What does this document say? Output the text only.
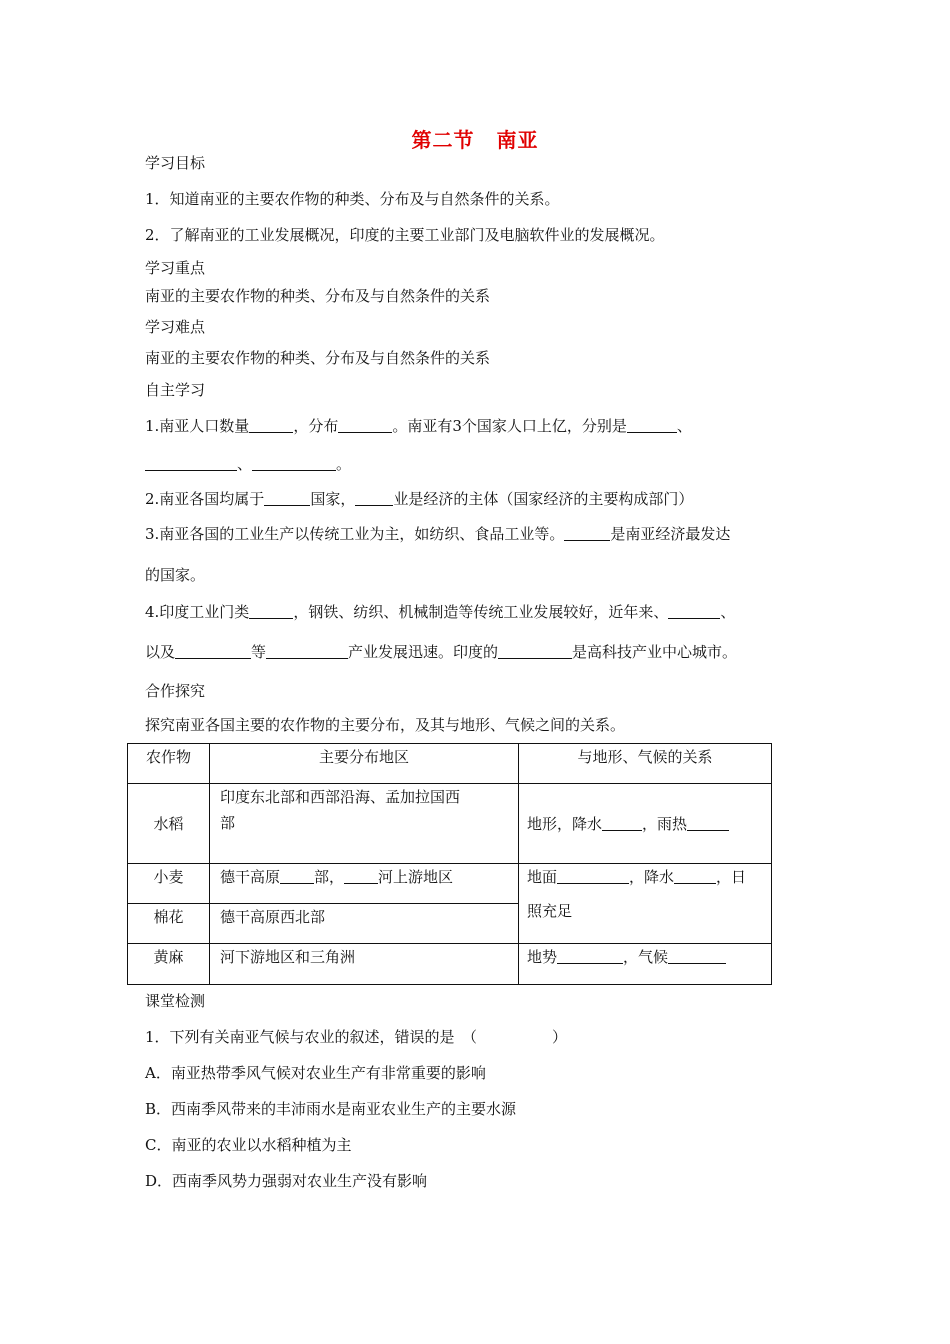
第二节 南亚
学习目标
1．知道南亚的主要农作物的种类、分布及与自然条件的关系。
2．了解南亚的工业发展概况，印度的主要工业部门及电脑软件业的发展概况。
学习重点
南亚的主要农作物的种类、分布及与自然条件的关系
学习难点
南亚的主要农作物的种类、分布及与自然条件的关系
自主学习
1.南亚人口数量	，分布	。南亚有3个国家人口上亿，分别是	、
、	。
2.南亚各国均属于	国家，	业是经济的主体（国家经济的主要构成部门）
3.南亚各国的工业生产以传统工业为主，如纺织、食品工业等。	是南亚经济最发达
的国家。
4.印度工业门类	，钢铁、纺织、机械制造等传统工业发展较好，近年来、	、
以及	等	产业发展迅速。印度的	是高科技产业中心城市。
合作探究
探究南亚各国主要的农作物的主要分布，及其与地形、气候之间的关系。
农作物	主要分布地区	与地形、气候的关系
水稻	印度东北部和西部沿海、孟加拉国西
部	地形，降水 ，雨热
小麦	德干高原 部， 河上游地区	地面 ，降水 ，日
照充足

棉花	德干高原西北部	
黄麻	河下游地区和三角洲	地势 ，气候
课堂检测
1．下列有关南亚气候与农业的叙述，错误的是　（　　　　　）
A．南亚热带季风气候对农业生产有非常重要的影响
B．西南季风带来的丰沛雨水是南亚农业生产的主要水源
C．南亚的农业以水稻种植为主
D．西南季风势力强弱对农业生产没有影响
